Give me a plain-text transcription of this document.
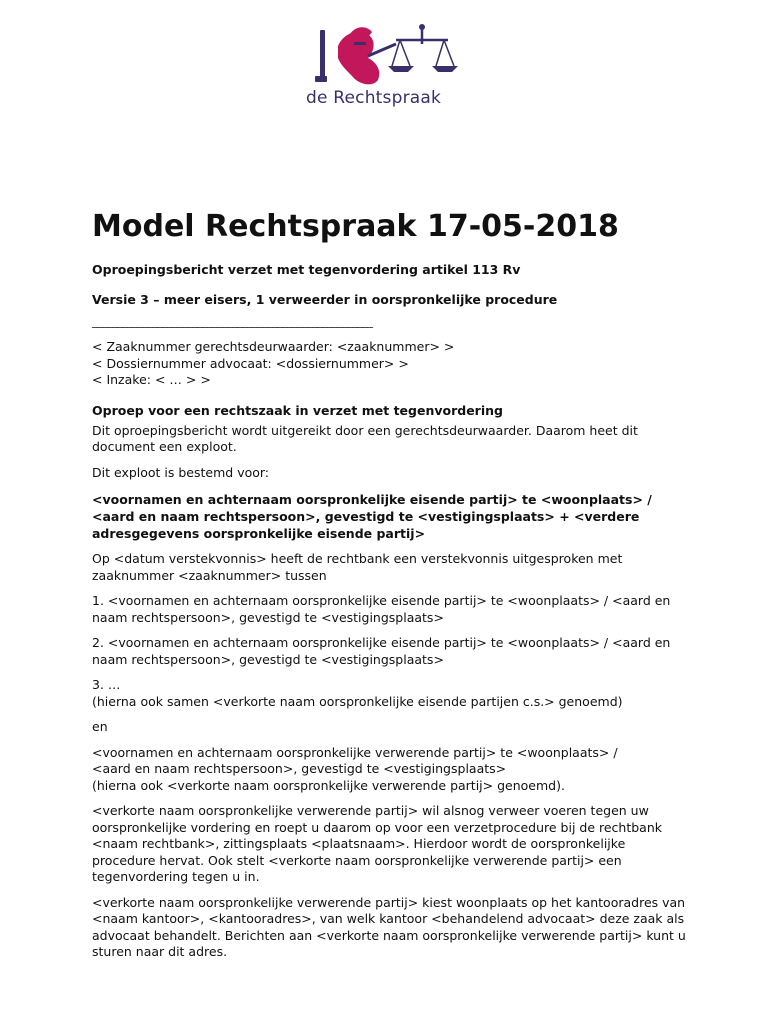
de Rechtspraak
Model Rechtspraak 17-05-2018
Oproepingsbericht verzet met tegenvordering artikel 113 Rv
Versie 3 – meer eisers, 1 verweerder in oorspronkelijke procedure
________________________________________________________
< Zaaknummer gerechtsdeurwaarder: <zaaknummer> >
< Dossiernummer advocaat: <dossiernummer> >
< Inzake: < … > >
Oproep voor een rechtszaak in verzet met tegenvordering

Dit oproepingsbericht wordt uitgereikt door een gerechtsdeurwaarder. Daarom heet dit document een exploot.

Dit exploot is bestemd voor:

<voornamen en achternaam oorspronkelijke eisende partij> te <woonplaats> / <aard en naam rechtspersoon>, gevestigd te <vestigingsplaats> + <verdere adresgegevens oorspronkelijke eisende partij>

Op <datum verstekvonnis> heeft de rechtbank een verstekvonnis uitgesproken met zaaknummer <zaaknummer> tussen

1. <voornamen en achternaam oorspronkelijke eisende partij> te <woonplaats> / <aard en naam rechtspersoon>, gevestigd te <vestigingsplaats>

2. <voornamen en achternaam oorspronkelijke eisende partij> te <woonplaats> / <aard en naam rechtspersoon>, gevestigd te <vestigingsplaats>

3. …

(hierna ook samen <verkorte naam oorspronkelijke eisende partijen c.s.> genoemd)

en

<voornamen en achternaam oorspronkelijke verwerende partij> te <woonplaats> /

<aard en naam rechtspersoon>, gevestigd te <vestigingsplaats>

(hierna ook <verkorte naam oorspronkelijke verwerende partij> genoemd).

<verkorte naam oorspronkelijke verwerende partij> wil alsnog verweer voeren tegen uw oorspronkelijke vordering en roept u daarom op voor een verzetprocedure bij de rechtbank <naam rechtbank>, zittingsplaats <plaatsnaam>. Hierdoor wordt de oorspronkelijke procedure hervat. Ook stelt <verkorte naam oorspronkelijke verwerende partij> een tegenvordering tegen u in.

<verkorte naam oorspronkelijke verwerende partij> kiest woonplaats op het kantooradres van <naam kantoor>, <kantooradres>, van welk kantoor <behandelend advocaat> deze zaak als advocaat behandelt. Berichten aan <verkorte naam oorspronkelijke verwerende partij> kunt u sturen naar dit adres.
